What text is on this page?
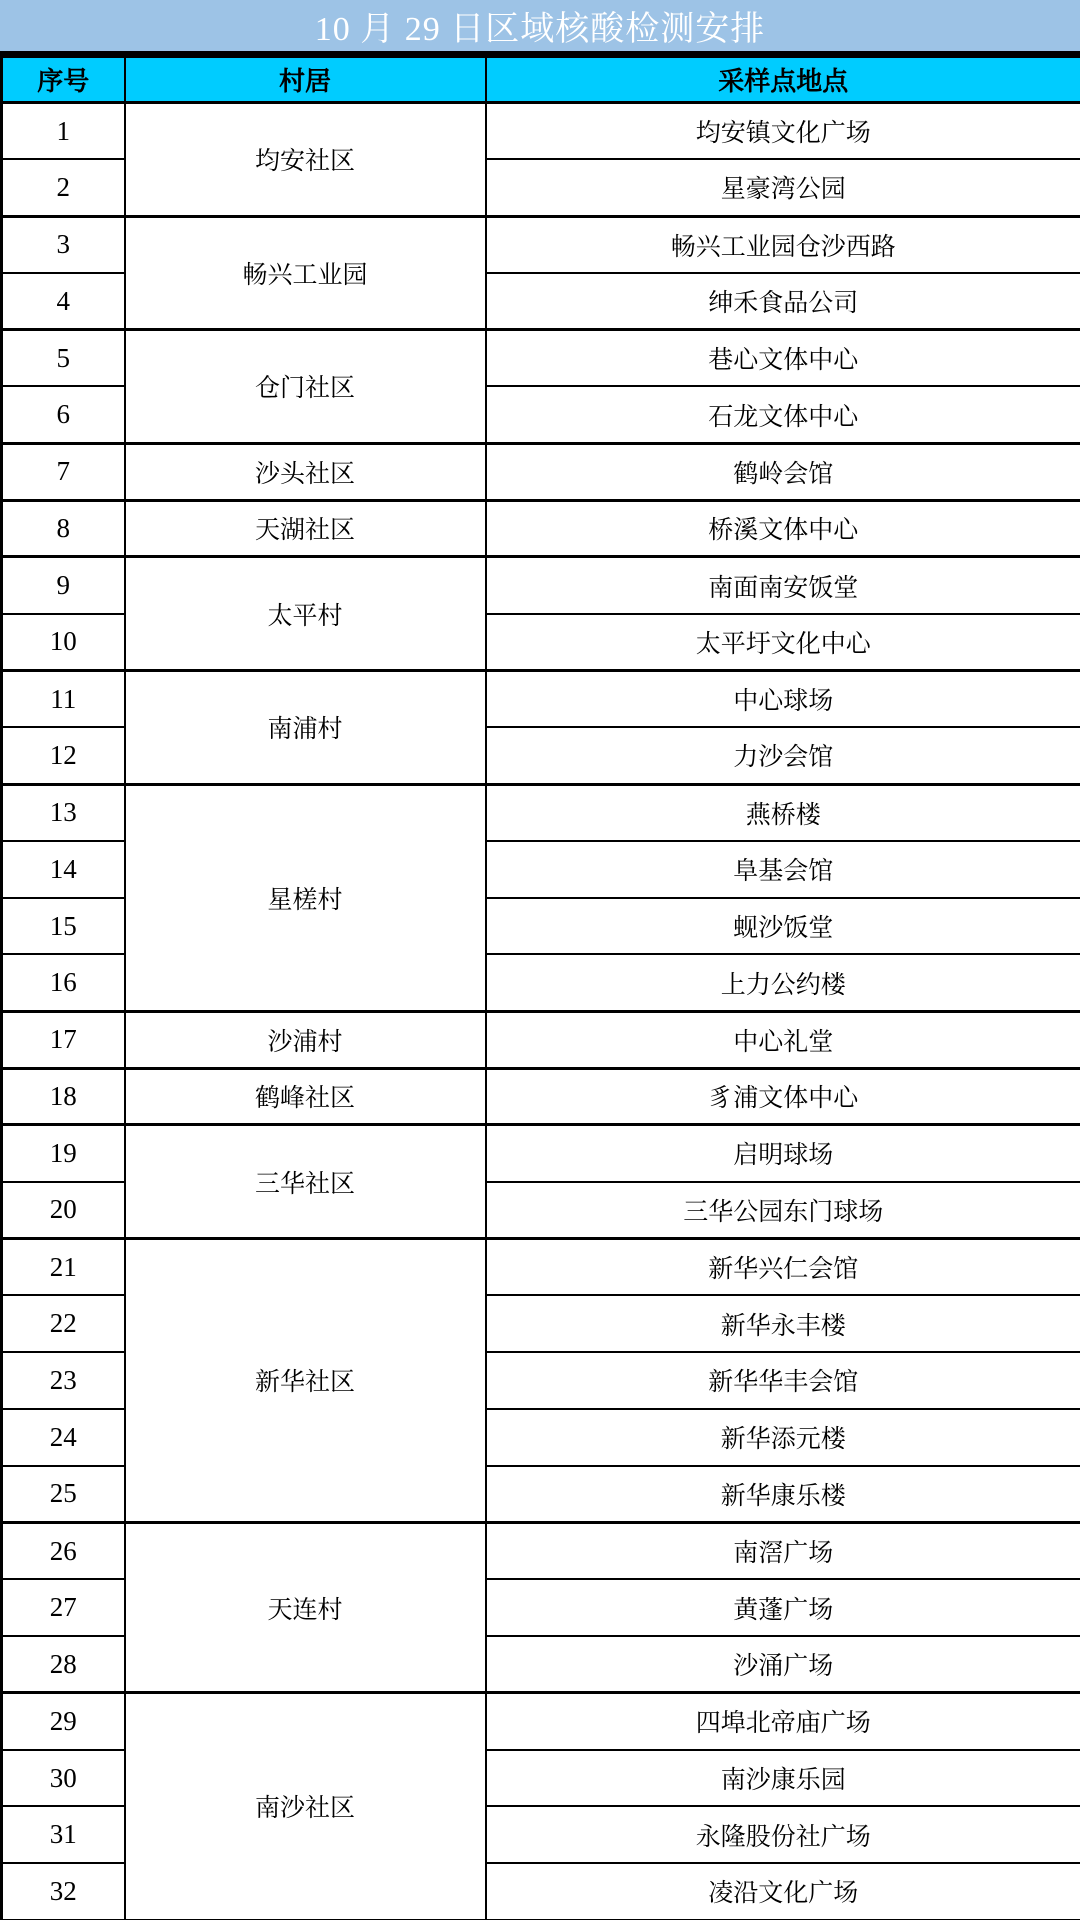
10 月 29 日区域核酸检测安排
序号	村居	采样点地点
1	均安社区	均安镇文化广场
2		星豪湾公园
3	畅兴工业园	畅兴工业园仓沙西路
4		绅禾食品公司
5	仓门社区	巷心文体中心
6		石龙文体中心
7	沙头社区	鹤岭会馆
8	天湖社区	桥溪文体中心
9	太平村	南面南安饭堂
10		太平圩文化中心
11	南浦村	中心球场
12		力沙会馆
13	星槎村	燕桥楼
14		阜基会馆
15		蚬沙饭堂
16		上力公约楼
17	沙浦村	中心礼堂
18	鹤峰社区	豸浦文体中心
19	三华社区	启明球场
20		三华公园东门球场
21	新华社区	新华兴仁会馆
22		新华永丰楼
23		新华华丰会馆
24		新华添元楼
25		新华康乐楼
26	天连村	南滘广场
27		黄蓬广场
28		沙涌广场
29	南沙社区	四埠北帝庙广场
30		南沙康乐园
31		永隆股份社广场
32		凌沿文化广场
